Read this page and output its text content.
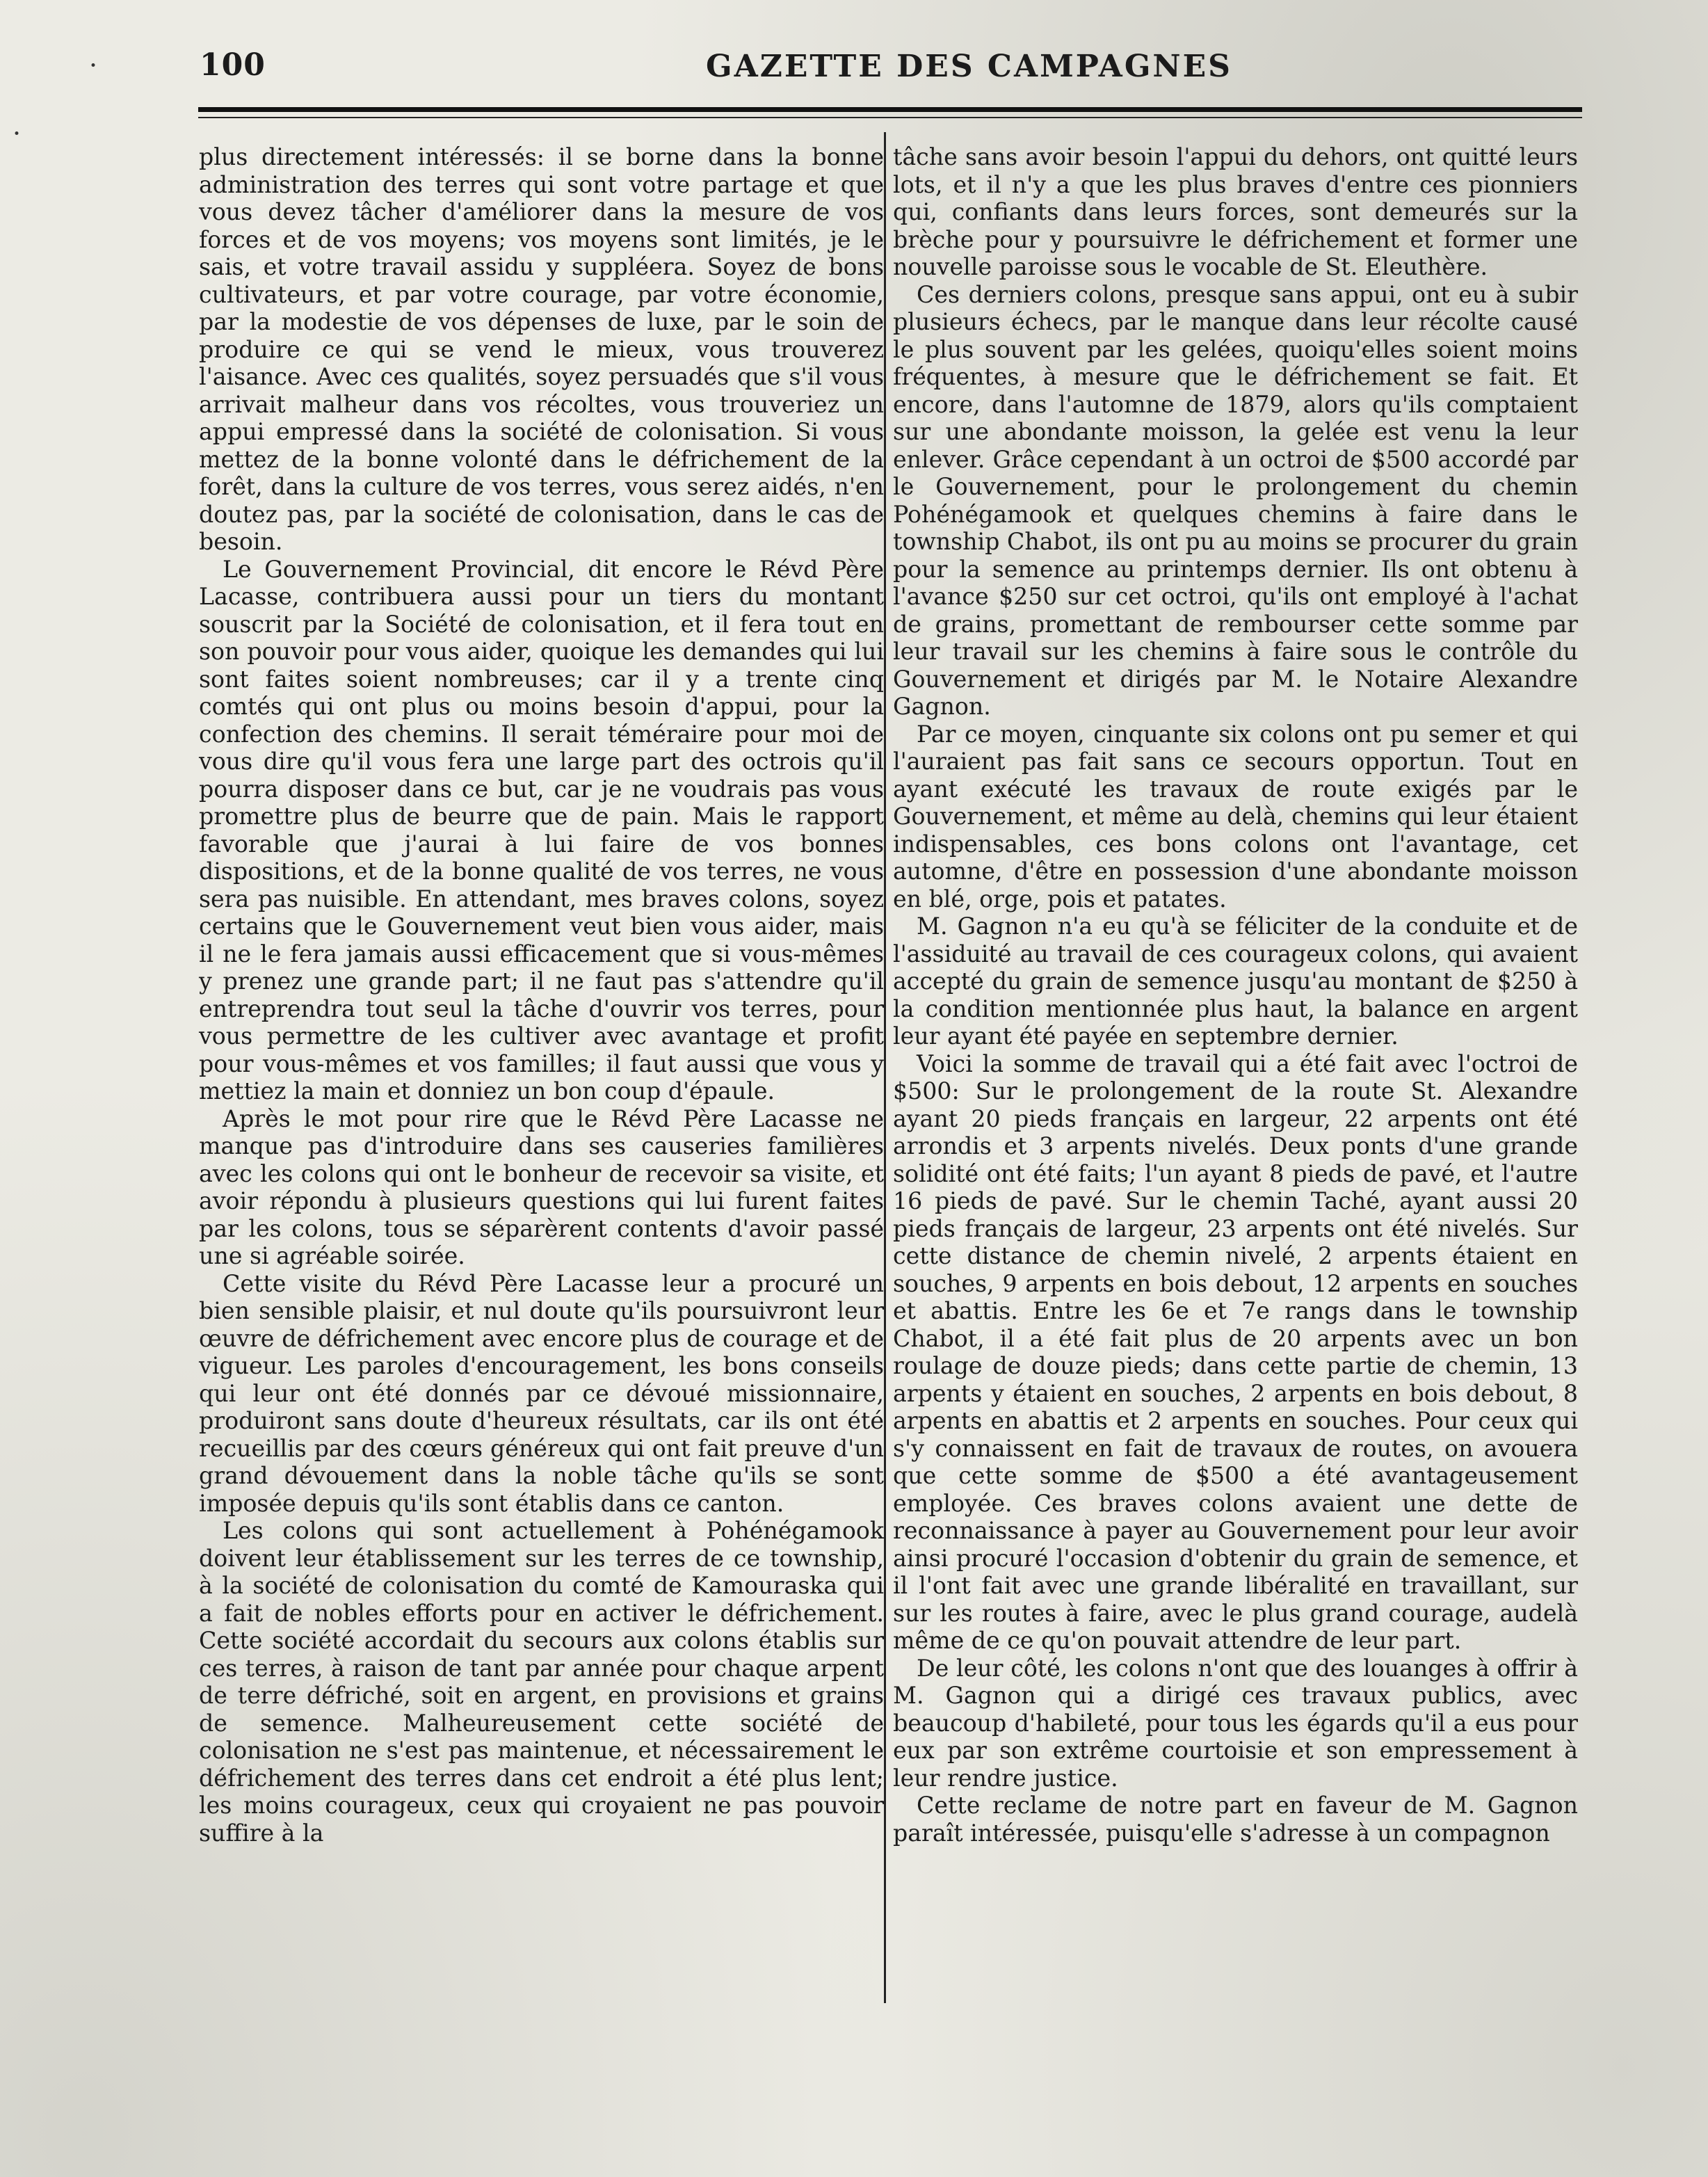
100	GAZETTE DES CAMPAGNES
·
·

plus directement intéressés: il se borne dans la bonne administration des terres qui sont votre partage et que vous devez tâcher d'améliorer dans la mesure de vos forces et de vos moyens; vos moyens sont limités, je le sais, et votre travail assidu y suppléera. Soyez de bons cultivateurs, et par votre courage, par votre économie, par la modestie de vos dépenses de luxe, par le soin de produire ce qui se vend le mieux, vous trouverez l'aisance. Avec ces qualités, soyez persuadés que s'il vous arrivait malheur dans vos récoltes, vous trouveriez un appui empressé dans la société de colonisation. Si vous mettez de la bonne volonté dans le défrichement de la forêt, dans la culture de vos terres, vous serez aidés, n'en doutez pas, par la société de colonisation, dans le cas de besoin.

Le Gouvernement Provincial, dit encore le Révd Père Lacasse, contribuera aussi pour un tiers du montant souscrit par la Société de colonisation, et il fera tout en son pouvoir pour vous aider, quoique les demandes qui lui sont faites soient nombreuses; car il y a trente cinq comtés qui ont plus ou moins besoin d'appui, pour la confection des chemins. Il serait téméraire pour moi de vous dire qu'il vous fera une large part des octrois qu'il pourra disposer dans ce but, car je ne voudrais pas vous promettre plus de beurre que de pain. Mais le rapport favorable que j'aurai à lui faire de vos bonnes dispositions, et de la bonne qualité de vos terres, ne vous sera pas nuisible. En attendant, mes braves colons, soyez certains que le Gouvernement veut bien vous aider, mais il ne le fera jamais aussi efficacement que si vous-mêmes y prenez une grande part; il ne faut pas s'attendre qu'il entreprendra tout seul la tâche d'ouvrir vos terres, pour vous permettre de les cultiver avec avantage et profit pour vous-mêmes et vos familles; il faut aussi que vous y mettiez la main et donniez un bon coup d'épaule.

Après le mot pour rire que le Révd Père Lacasse ne manque pas d'introduire dans ses causeries familières avec les colons qui ont le bonheur de recevoir sa visite, et avoir répondu à plusieurs questions qui lui furent faites par les colons, tous se séparèrent contents d'avoir passé une si agréable soirée.

Cette visite du Révd Père Lacasse leur a procuré un bien sensible plaisir, et nul doute qu'ils poursuivront leur œuvre de défrichement avec encore plus de courage et de vigueur. Les paroles d'encouragement, les bons conseils qui leur ont été donnés par ce dévoué missionnaire, produiront sans doute d'heureux résultats, car ils ont été recueillis par des cœurs généreux qui ont fait preuve d'un grand dévouement dans la noble tâche qu'ils se sont imposée depuis qu'ils sont établis dans ce canton.

Les colons qui sont actuellement à Pohénégamook doivent leur établissement sur les terres de ce township, à la société de colonisation du comté de Kamouraska qui a fait de nobles efforts pour en activer le défrichement. Cette société accordait du secours aux colons établis sur ces terres, à raison de tant par année pour chaque arpent de terre défriché, soit en argent, en provisions et grains de semence. Malheureusement cette société de colonisation ne s'est pas maintenue, et nécessairement le défrichement des terres dans cet endroit a été plus lent; les moins courageux, ceux qui croyaient ne pas pouvoir suffire à la

tâche sans avoir besoin l'appui du dehors, ont quitté leurs lots, et il n'y a que les plus braves d'entre ces pionniers qui, confiants dans leurs forces, sont demeurés sur la brèche pour y poursuivre le défrichement et former une nouvelle paroisse sous le vocable de St. Eleuthère.

Ces derniers colons, presque sans appui, ont eu à subir plusieurs échecs, par le manque dans leur récolte causé le plus souvent par les gelées, quoiqu'elles soient moins fréquentes, à mesure que le défrichement se fait. Et encore, dans l'automne de 1879, alors qu'ils comptaient sur une abondante moisson, la gelée est venu la leur enlever. Grâce cependant à un octroi de $500 accordé par le Gouvernement, pour le prolongement du chemin Pohénégamook et quelques chemins à faire dans le township Chabot, ils ont pu au moins se procurer du grain pour la semence au printemps dernier. Ils ont obtenu à l'avance $250 sur cet octroi, qu'ils ont employé à l'achat de grains, promettant de rembourser cette somme par leur travail sur les chemins à faire sous le contrôle du Gouvernement et dirigés par M. le Notaire Alexandre Gagnon.

Par ce moyen, cinquante six colons ont pu semer et qui l'auraient pas fait sans ce secours opportun. Tout en ayant exécuté les travaux de route exigés par le Gouvernement, et même au delà, chemins qui leur étaient indispensables, ces bons colons ont l'avantage, cet automne, d'être en possession d'une abondante moisson en blé, orge, pois et patates.

M. Gagnon n'a eu qu'à se féliciter de la conduite et de l'assiduité au travail de ces courageux colons, qui avaient accepté du grain de semence jusqu'au montant de $250 à la condition mentionnée plus haut, la balance en argent leur ayant été payée en septembre dernier.

Voici la somme de travail qui a été fait avec l'octroi de $500: Sur le prolongement de la route St. Alexandre ayant 20 pieds français en largeur, 22 arpents ont été arrondis et 3 arpents nivelés. Deux ponts d'une grande solidité ont été faits; l'un ayant 8 pieds de pavé, et l'autre 16 pieds de pavé. Sur le chemin Taché, ayant aussi 20 pieds français de largeur, 23 arpents ont été nivelés. Sur cette distance de chemin nivelé, 2 arpents étaient en souches, 9 arpents en bois debout, 12 arpents en souches et abattis. Entre les 6e et 7e rangs dans le township Chabot, il a été fait plus de 20 arpents avec un bon roulage de douze pieds; dans cette partie de chemin, 13 arpents y étaient en souches, 2 arpents en bois debout, 8 arpents en abattis et 2 arpents en souches. Pour ceux qui s'y connaissent en fait de travaux de routes, on avouera que cette somme de $500 a été avantageusement employée. Ces braves colons avaient une dette de reconnaissance à payer au Gouvernement pour leur avoir ainsi procuré l'occasion d'obtenir du grain de semence, et il l'ont fait avec une grande libéralité en travaillant, sur sur les routes à faire, avec le plus grand courage, audelà même de ce qu'on pouvait attendre de leur part.

De leur côté, les colons n'ont que des louanges à offrir à M. Gagnon qui a dirigé ces travaux publics, avec beaucoup d'habileté, pour tous les égards qu'il a eus pour eux par son extrême courtoisie et son empressement à leur rendre justice.

Cette reclame de notre part en faveur de M. Gagnon paraît intéressée, puisqu'elle s'adresse à un compagnon
